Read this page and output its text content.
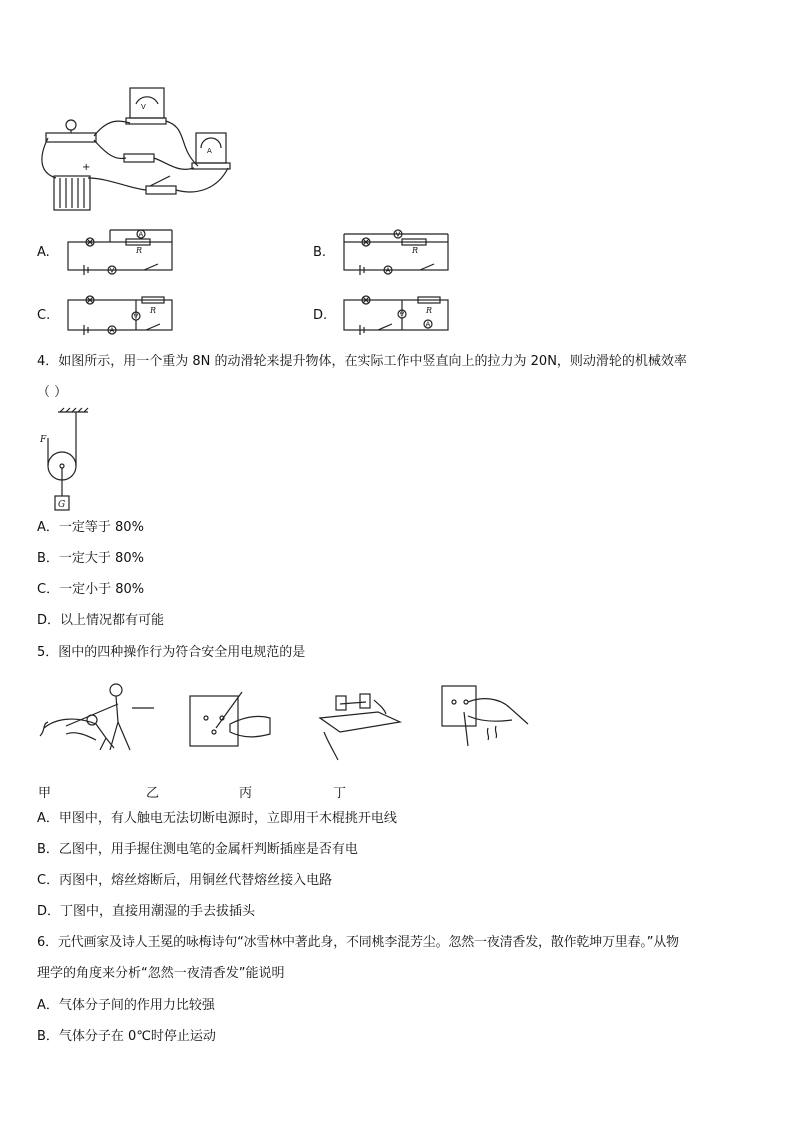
V
A
+
A.
A
R
V
B.
V
R
A
C.	R
V
A
D.	R
V
A
4．如图所示，用一个重为 8N 的动滑轮来提升物体，在实际工作中竖直向上的拉力为 20N，则动滑轮的机械效率
（ ）
F
G
A．一定等于 80%
B．一定大于 80%
C．一定小于 80%
D．以上情况都有可能
5．图中的四种操作行为符合安全用电规范的是
甲	乙	丙	丁
A．甲图中，有人触电无法切断电源时，立即用干木棍挑开电线
B．乙图中，用手握住测电笔的金属杆判断插座是否有电
C．丙图中，熔丝熔断后，用铜丝代替熔丝接入电路
D．丁图中，直接用潮湿的手去拔插头
6．元代画家及诗人王冕的咏梅诗句“冰雪林中著此身，不同桃李混芳尘。忽然一夜清香发，散作乾坤万里春。”从物
理学的角度来分析“忽然一夜清香发”能说明
A．气体分子间的作用力比较强
B．气体分子在 0℃时停止运动
